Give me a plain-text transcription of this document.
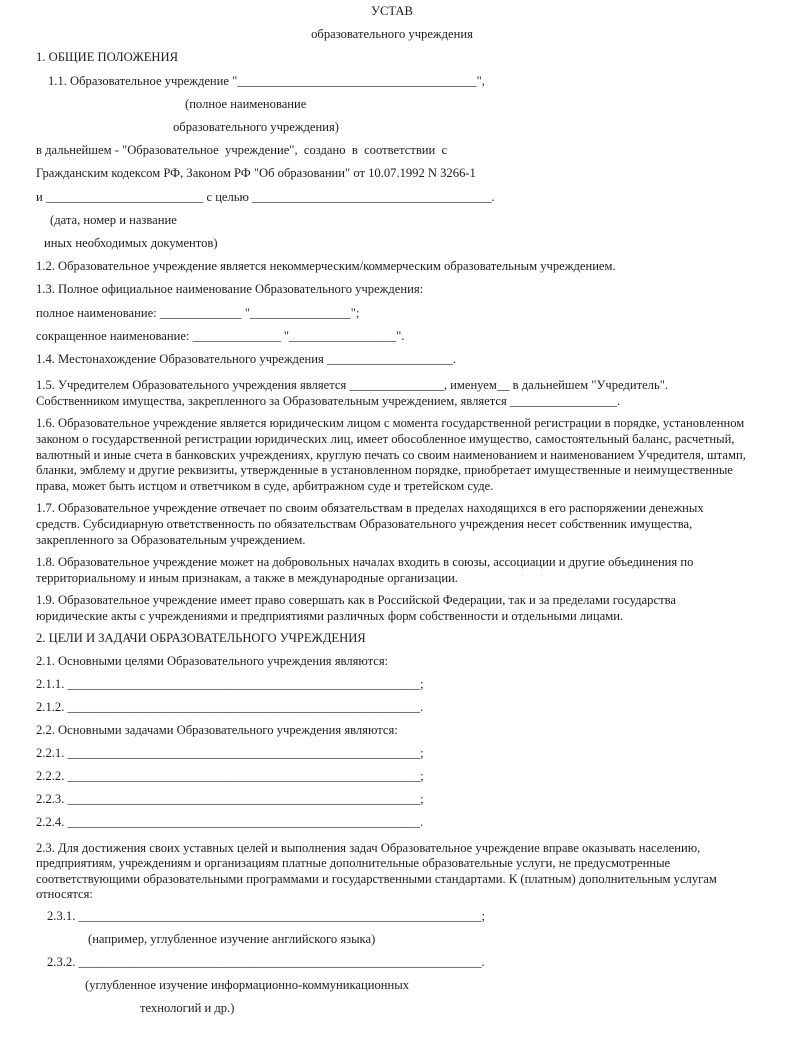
УСТАВ
образовательного учреждения
1. ОБЩИЕ ПОЛОЖЕНИЯ
1.1. Образовательное учреждение "______________________________________",
(полное наименование
образовательного учреждения)
в дальнейшем - "Образовательное  учреждение",  создано  в  соответствии  с
Гражданским кодексом РФ, Законом РФ "Об образовании" от 10.07.1992 N 3266-1
и _________________________ с целью ______________________________________.
(дата, номер и название
иных необходимых документов)
1.2. Образовательное учреждение является некоммерческим/коммерческим образовательным учреждением.
1.3. Полное официальное наименование Образовательного учреждения:
полное наименование: _____________ "________________";
сокращенное наименование: ______________ "_________________".
1.4. Местонахождение Образовательного учреждения ____________________.
1.5. Учредителем Образовательного учреждения является _______________, именуем__ в дальнейшем "Учредитель". Собственником имущества, закрепленного за Образовательным учреждением, является _________________.
1.6. Образовательное учреждение является юридическим лицом с момента государственной регистрации в порядке, установленном законом о государственной регистрации юридических лиц, имеет обособленное имущество, самостоятельный баланс, расчетный, валютный и иные счета в банковских учреждениях, круглую печать со своим наименованием и наименованием Учредителя, штамп, бланки, эмблему и другие реквизиты, утвержденные в установленном порядке, приобретает имущественные и неимущественные права, может быть истцом и ответчиком в суде, арбитражном суде и третейском суде.
1.7. Образовательное учреждение отвечает по своим обязательствам в пределах находящихся в его распоряжении денежных средств. Субсидиарную ответственность по обязательствам Образовательного учреждения несет собственник имущества, закрепленного за Образовательным учреждением.
1.8. Образовательное учреждение может на добровольных началах входить в союзы, ассоциации и другие объединения по территориальному и иным признакам, а также в международные организации.
1.9. Образовательное учреждение имеет право совершать как в Российской Федерации, так и за пределами государства юридические акты с учреждениями и предприятиями различных форм собственности и отдельными лицами.
2. ЦЕЛИ И ЗАДАЧИ ОБРАЗОВАТЕЛЬНОГО УЧРЕЖДЕНИЯ
2.1. Основными целями Образовательного учреждения являются:
2.1.1. ________________________________________________________;
2.1.2. ________________________________________________________.
2.2. Основными задачами Образовательного учреждения являются:
2.2.1. ________________________________________________________;
2.2.2. ________________________________________________________;
2.2.3. ________________________________________________________;
2.2.4. ________________________________________________________.
2.3. Для достижения своих уставных целей и выполнения задач Образовательное учреждение вправе оказывать населению, предприятиям, учреждениям и организациям платные дополнительные образовательные услуги, не предусмотренные соответствующими образовательными программами и государственными стандартами. К (платным) дополнительным услугам относятся:
2.3.1. ________________________________________________________________;
(например, углубленное изучение английского языка)
2.3.2. ________________________________________________________________.
(углубленное изучение информационно-коммуникационных
технологий и др.)
